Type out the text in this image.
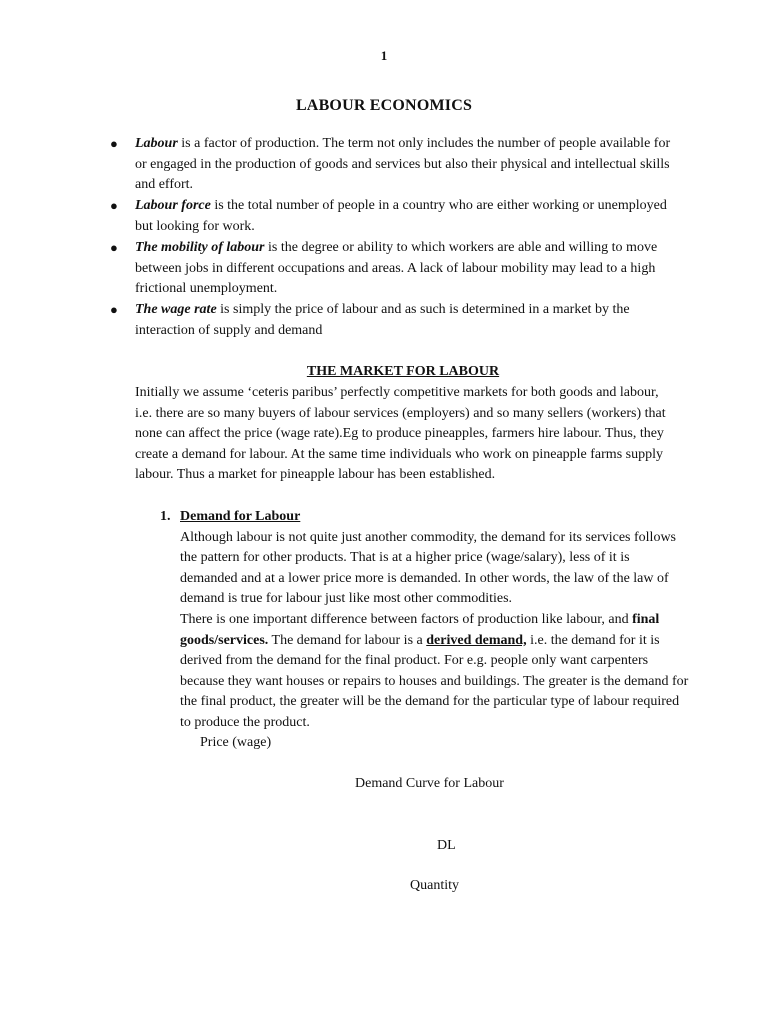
1
LABOUR ECONOMICS
● Labour is a factor of production. The term not only includes the number of people available for or engaged in the production of goods and services but also their physical and intellectual skills and effort.
● Labour force is the total number of people in a country who are either working or unemployed but looking for work.
● The mobility of labour is the degree or ability to which workers are able and willing to move between jobs in different occupations and areas. A lack of labour mobility may lead to a high frictional unemployment.
● The wage rate is simply the price of labour and as such is determined in a market by the interaction of supply and demand
THE MARKET FOR LABOUR

Initially we assume ‘ceteris paribus’ perfectly competitive markets for both goods and labour, i.e. there are so many buyers of labour services (employers) and so many sellers (workers) that none can affect the price (wage rate).Eg to produce pineapples, farmers hire labour. Thus, they create a demand for labour. At the same time individuals who work on pineapple farms supply labour. Thus a market for pineapple labour has been established.

1. Demand for Labour

Although labour is not quite just another commodity, the demand for its services follows the pattern for other products. That is at a higher price (wage/salary), less of it is demanded and at a lower price more is demanded. In other words, the law of the law of demand is true for labour just like most other commodities.

There is one important difference between factors of production like labour, and final goods/services. The demand for labour is a derived demand, i.e. the demand for it is derived from the demand for the final product. For e.g. people only want carpenters because they want houses or repairs to houses and buildings. The greater is the demand for the final product, the greater will be the demand for the particular type of labour required to produce the product.

Price (wage)
Demand Curve for Labour
DL
Quantity
